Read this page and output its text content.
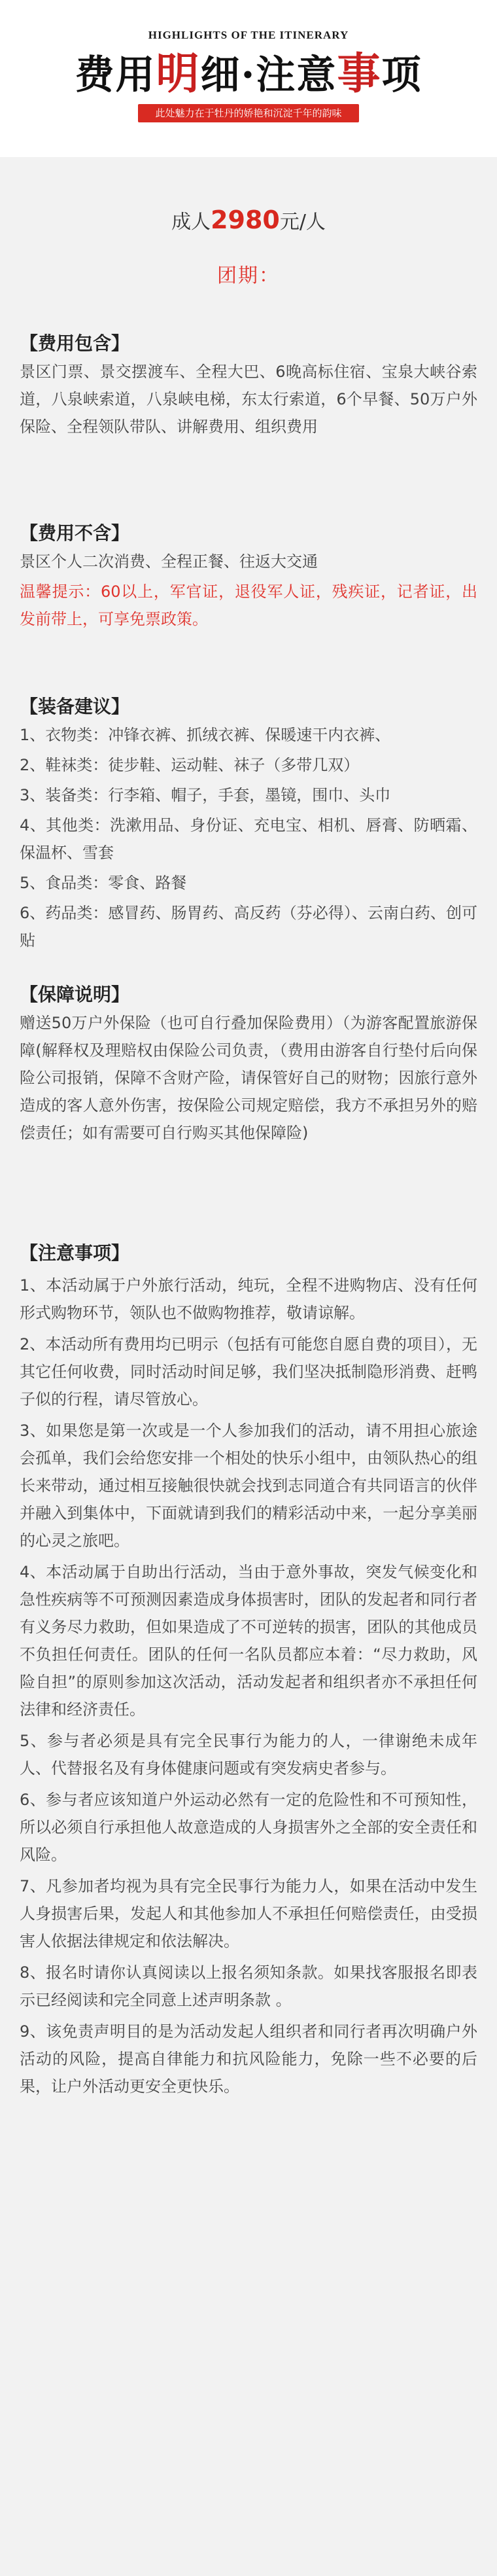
HIGHLIGHTS OF THE ITINERARY
费用明细·注意事项
此处魅力在于牡丹的娇艳和沉淀千年的韵味
成人2980元/人
团期：
【费用包含】
景区门票、景交摆渡车、全程大巴、6晚高标住宿、宝泉大峡谷索道，八泉峡索道，八泉峡电梯，东太行索道，6个早餐、50万户外保险、全程领队带队、讲解费用、组织费用
【费用不含】
景区个人二次消费、全程正餐、往返大交通
温馨提示：60以上，军官证，退役军人证，残疾证，记者证，出发前带上，可享免票政策。
【装备建议】
1、衣物类：冲锋衣裤、抓绒衣裤、保暖速干内衣裤、
2、鞋袜类：徒步鞋、运动鞋、袜子（多带几双）
3、装备类：行李箱、帽子，手套，墨镜，围巾、头巾
4、其他类：洗漱用品、身份证、充电宝、相机、唇膏、防晒霜、保温杯、雪套
5、食品类：零食、路餐
6、药品类：感冒药、肠胃药、高反药（芬必得）、云南白药、创可贴
【保障说明】
赠送50万户外保险（也可自行叠加保险费用）（为游客配置旅游保障(解释权及理赔权由保险公司负责，（费用由游客自行垫付后向保险公司报销，保障不含财产险，请保管好自己的财物；因旅行意外造成的客人意外伤害，按保险公司规定赔偿，我方不承担另外的赔偿责任；如有需要可自行购买其他保障险)
【注意事项】
1、本活动属于户外旅行活动，纯玩，全程不进购物店、没有任何形式购物环节，领队也不做购物推荐，敬请谅解。
2、本活动所有费用均已明示（包括有可能您自愿自费的项目），无其它任何收费，同时活动时间足够，我们坚决抵制隐形消费、赶鸭子似的行程，请尽管放心。
3、如果您是第一次或是一个人参加我们的活动，请不用担心旅途会孤单，我们会给您安排一个相处的快乐小组中，由领队热心的组长来带动，通过相互接触很快就会找到志同道合有共同语言的伙伴并融入到集体中，下面就请到我们的精彩活动中来，一起分享美丽的心灵之旅吧。
4、本活动属于自助出行活动，当由于意外事故，突发气候变化和急性疾病等不可预测因素造成身体损害时，团队的发起者和同行者有义务尽力救助，但如果造成了不可逆转的损害，团队的其他成员不负担任何责任。团队的任何一名队员都应本着：“尽力救助，风险自担”的原则参加这次活动，活动发起者和组织者亦不承担任何法律和经济责任。
5、参与者必须是具有完全民事行为能力的人，一律谢绝未成年人、代替报名及有身体健康问题或有突发病史者参与。
6、参与者应该知道户外运动必然有一定的危险性和不可预知性，所以必须自行承担他人故意造成的人身损害外之全部的安全责任和风险。
7、凡参加者均视为具有完全民事行为能力人，如果在活动中发生人身损害后果，发起人和其他参加人不承担任何赔偿责任，由受损害人依据法律规定和依法解决。
8、报名时请你认真阅读以上报名须知条款。如果找客服报名即表示已经阅读和完全同意上述声明条款 。
9、该免责声明目的是为活动发起人组织者和同行者再次明确户外活动的风险，提高自律能力和抗风险能力，免除一些不必要的后果，让户外活动更安全更快乐。
